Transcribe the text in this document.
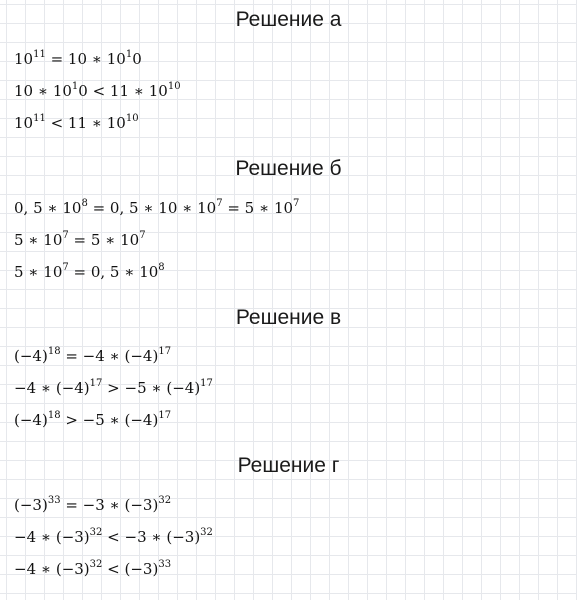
Решение а
$10^{11} = 10$ ∗ $10^10$
10 ∗ $10^10 < 11$ ∗ $10^{10}$
$10^{11} < 11$ ∗ $10^{10}$
Решение б
0, 5 ∗ $10^8 = 0$, 5 ∗ 10 ∗ $10^7 = 5$ ∗ $10^7$
5 ∗ $10^7 = 5$ ∗ $10^7$
5 ∗ $10^7 = 0$, 5 ∗ $10^8$
Решение в
$(-4)^{18} = -4$ ∗ $(-4)^{17}$
−4 ∗ $(-4)^{17} > -5$ ∗ $(-4)^{17}$
$(-4)^{18} > -5$ ∗ $(-4)^{17}$
Решение г
$(-3)^{33} = -3$ ∗ $(-3)^{32}$
−4 ∗ $(-3)^{32} < -3$ ∗ $(-3)^{32}$
−4 ∗ $(-3)^{32} < (-3)^{33}$
